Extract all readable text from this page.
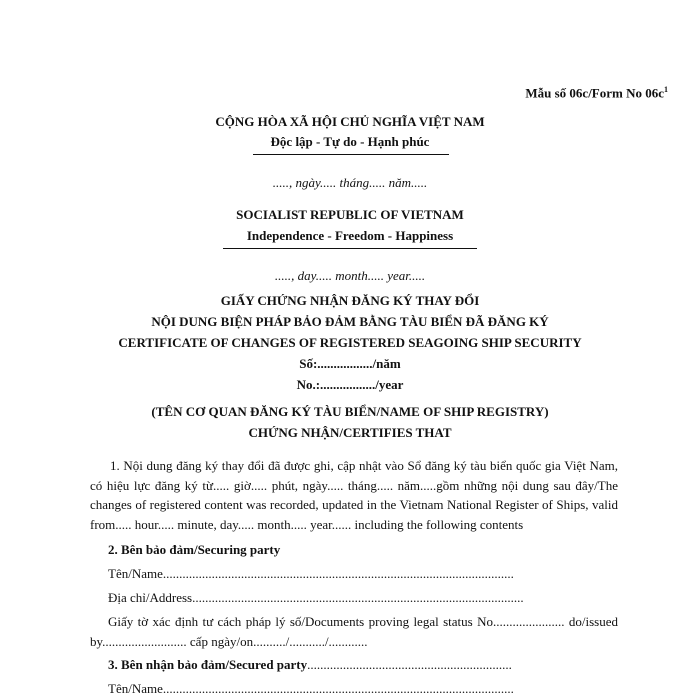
Mẫu số 06c/Form No $06c^1$
CỘNG HÒA XÃ HỘI CHỦ NGHĨA VIỆT NAM
Độc lập - Tự do - Hạnh phúc
....., ngày..... tháng..... năm.....
SOCIALIST REPUBLIC OF VIETNAM
Independence - Freedom - Happiness
....., day..... month..... year.....
GIẤY CHỨNG NHẬN ĐĂNG KÝ THAY ĐỔI
NỘI DUNG BIỆN PHÁP BẢO ĐẢM BẰNG TÀU BIỂN ĐÃ ĐĂNG KÝ
CERTIFICATE OF CHANGES OF REGISTERED SEAGOING SHIP SECURITY
Số:................./năm
No.:................./year
(TÊN CƠ QUAN ĐĂNG KÝ TÀU BIỂN/NAME OF SHIP REGISTRY)
CHỨNG NHẬN/CERTIFIES THAT
1. Nội dung đăng ký thay đổi đã được ghi, cập nhật vào Sổ đăng ký tàu biển quốc gia Việt Nam, có hiệu lực đăng ký từ..... giờ..... phút, ngày..... tháng..... năm.....gồm những nội dung sau đây/The changes of registered content was recorded, updated in the Vietnam National Register of Ships, valid from..... hour..... minute, day..... month..... year...... including the following contents
2. Bên bảo đảm/Securing party
Tên/Name............................................................................................................
Địa chỉ/Address......................................................................................................
Giấy tờ xác định tư cách pháp lý số/Documents proving legal status No...................... do/issued by.......................... cấp ngày/on........../.........../............
3. Bên nhận bảo đảm/Secured party...............................................................
Tên/Name............................................................................................................
